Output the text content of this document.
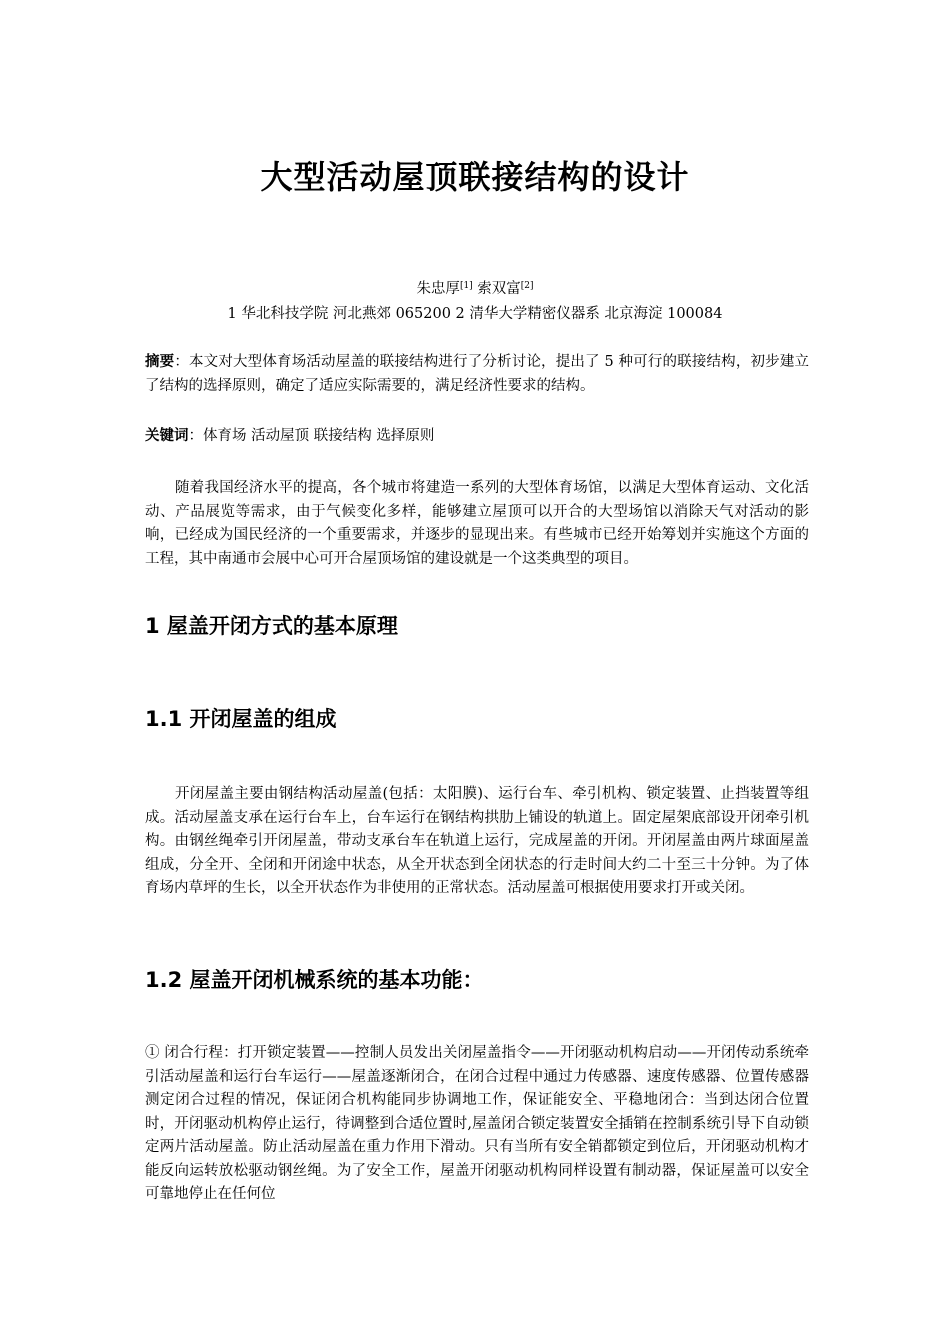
大型活动屋顶联接结构的设计
朱忠厚[1] 索双富[2]
1 华北科技学院 河北燕郊 065200 2 清华大学精密仪器系 北京海淀 100084
摘要：本文对大型体育场活动屋盖的联接结构进行了分析讨论，提出了 5 种可行的联接结构，初步建立了结构的选择原则，确定了适应实际需要的，满足经济性要求的结构。
关键词：体育场 活动屋顶 联接结构 选择原则
随着我国经济水平的提高，各个城市将建造一系列的大型体育场馆，以满足大型体育运动、文化活动、产品展览等需求，由于气候变化多样，能够建立屋顶可以开合的大型场馆以消除天气对活动的影响，已经成为国民经济的一个重要需求，并逐步的显现出来。有些城市已经开始筹划并实施这个方面的工程，其中南通市会展中心可开合屋顶场馆的建设就是一个这类典型的项目。
1 屋盖开闭方式的基本原理
1.1 开闭屋盖的组成
开闭屋盖主要由钢结构活动屋盖(包括：太阳膜)、运行台车、牵引机构、锁定装置、止挡装置等组成。活动屋盖支承在运行台车上，台车运行在钢结构拱肋上铺设的轨道上。固定屋架底部设开闭牵引机构。由钢丝绳牵引开闭屋盖，带动支承台车在轨道上运行，完成屋盖的开闭。开闭屋盖由两片球面屋盖组成，分全开、全闭和开闭途中状态，从全开状态到全闭状态的行走时间大约二十至三十分钟。为了体育场内草坪的生长，以全开状态作为非使用的正常状态。活动屋盖可根据使用要求打开或关闭。
1.2 屋盖开闭机械系统的基本功能：
① 闭合行程：打开锁定装置——控制人员发出关闭屋盖指令——开闭驱动机构启动——开闭传动系统牵引活动屋盖和运行台车运行——屋盖逐渐闭合，在闭合过程中通过力传感器、速度传感器、位置传感器测定闭合过程的情况，保证闭合机构能同步协调地工作，保证能安全、平稳地闭合：当到达闭合位置时，开闭驱动机构停止运行，待调整到合适位置时,屋盖闭合锁定装置安全插销在控制系统引导下自动锁定两片活动屋盖。防止活动屋盖在重力作用下滑动。只有当所有安全销都锁定到位后，开闭驱动机构才能反向运转放松驱动钢丝绳。为了安全工作，屋盖开闭驱动机构同样设置有制动器，保证屋盖可以安全可靠地停止在任何位
